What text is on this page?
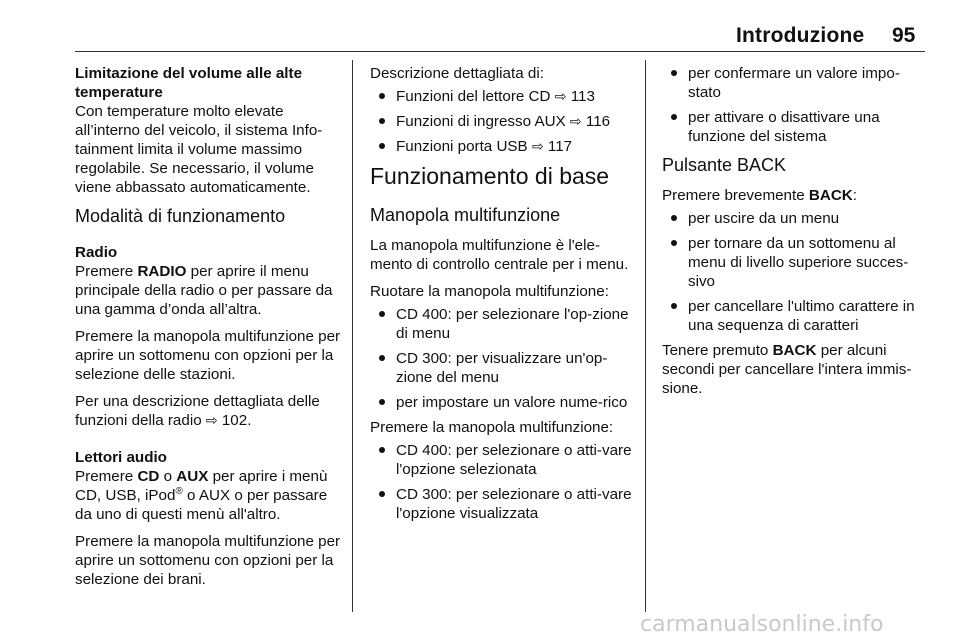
Introduzione 95
Limitazione del volume alle alte temperature

Con temperature molto elevate all’interno del veicolo, il sistema Info-tainment limita il volume massimo regolabile. Se necessario, il volume viene abbassato automaticamente.

Modalità di funzionamento
Radio

Premere RADIO per aprire il menu principale della radio o per passare da una gamma d’onda all’altra.

Premere la manopola multifunzione per aprire un sottomenu con opzioni per la selezione delle stazioni.

Per una descrizione dettagliata delle funzioni della radio ⇨ 102.

Lettori audio

Premere CD o AUX per aprire i menù CD, USB, iPod® o AUX o per passare da uno di questi menù all'altro.

Premere la manopola multifunzione per aprire un sottomenu con opzioni per la selezione dei brani.

Descrizione dettagliata di:

Funzioni del lettore CD ⇨ 113
Funzioni di ingresso AUX ⇨ 116
Funzioni porta USB ⇨ 117
Funzionamento di base
Manopola multifunzione

La manopola multifunzione è l'ele-mento di controllo centrale per i menu.

Ruotare la manopola multifunzione:

CD 400: per selezionare l'op-zione di menu
CD 300: per visualizzare un'op-zione del menu
per impostare un valore nume-rico

Premere la manopola multifunzione:

CD 400: per selezionare o atti-vare l'opzione selezionata
CD 300: per selezionare o atti-vare l'opzione visualizzata
per confermare un valore impo-stato
per attivare o disattivare una funzione del sistema
Pulsante BACK

Premere brevemente BACK:

per uscire da un menu
per tornare da un sottomenu al menu di livello superiore succes-sivo
per cancellare l'ultimo carattere in una sequenza di caratteri

Tenere premuto BACK per alcuni secondi per cancellare l'intera immis-sione.

carmanualsonline.info
